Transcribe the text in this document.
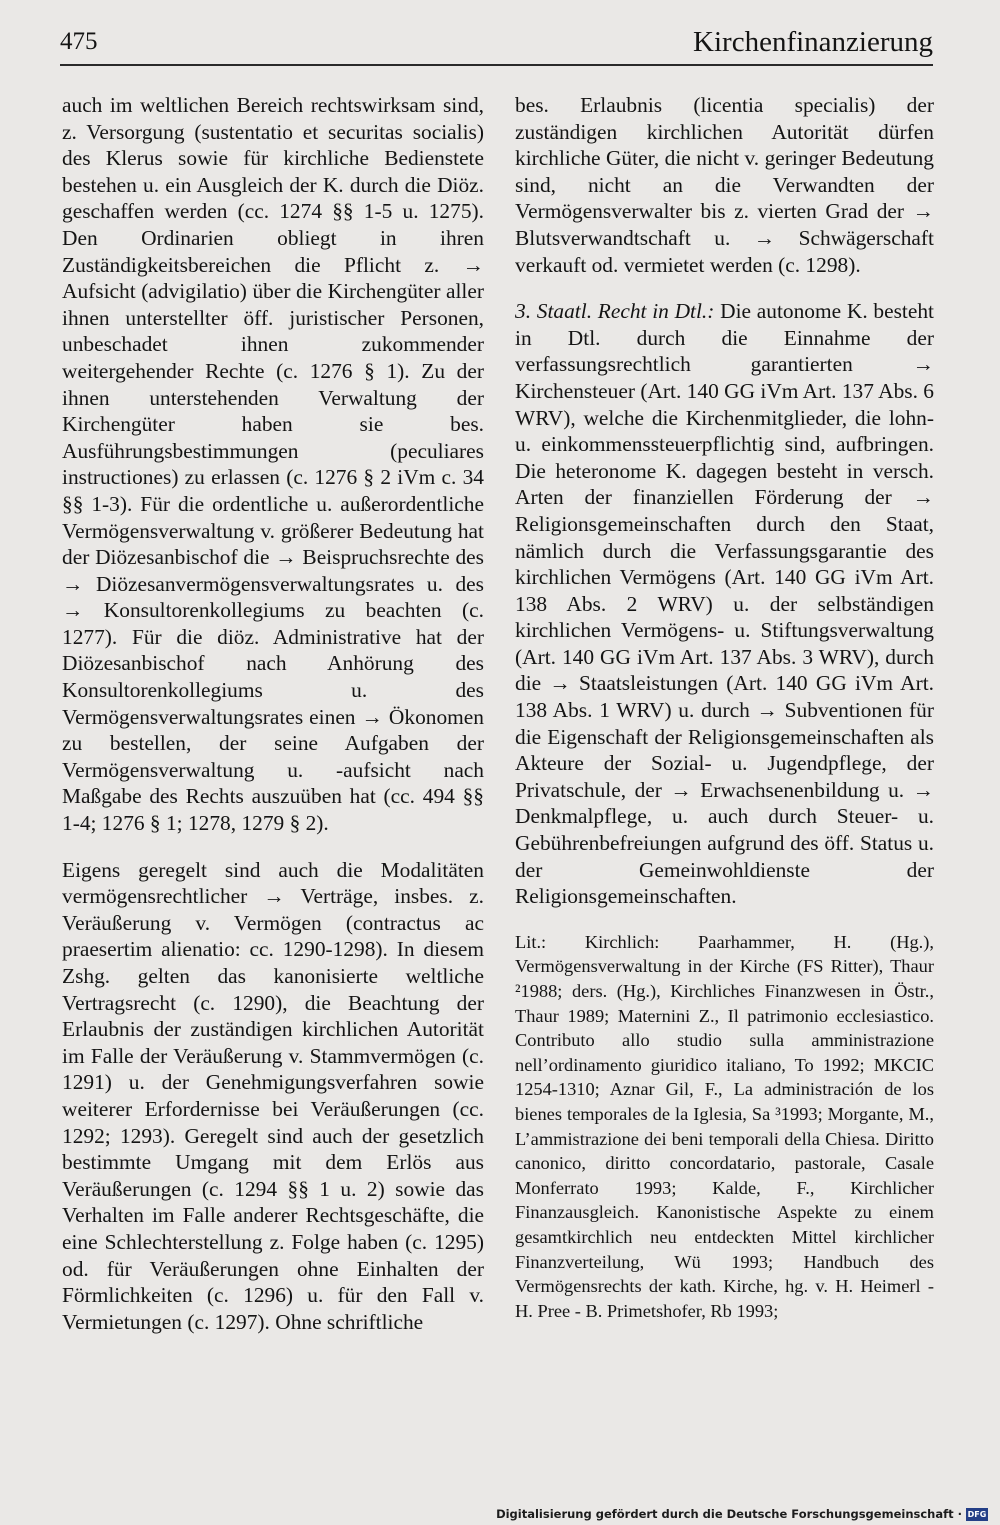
475	Kirchenfinanzierung

auch im weltlichen Bereich rechtswirksam sind, z. Versorgung (sustentatio et securitas socialis) des Klerus sowie für kirchliche Bedienstete bestehen u. ein Ausgleich der K. durch die Diöz. geschaffen werden (cc. 1274 §§ 1-5 u. 1275). Den Ordinarien obliegt in ihren Zuständigkeitsbereichen die Pflicht z. → Aufsicht (advigilatio) über die Kirchengüter aller ihnen unterstellter öff. juristischer Personen, unbeschadet ihnen zukommender weitergehender Rechte (c. 1276 § 1). Zu der ihnen unterstehenden Verwaltung der Kirchengüter haben sie bes. Ausführungsbestimmungen (peculiares instructiones) zu erlassen (c. 1276 § 2 iVm c. 34 §§ 1-3). Für die ordentliche u. außerordentliche Vermögensverwaltung v. größerer Bedeutung hat der Diözesanbischof die → Beispruchsrechte des → Diözesanvermögensverwaltungsrates u. des → Konsultorenkollegiums zu beachten (c. 1277). Für die diöz. Administrative hat der Diözesanbischof nach Anhörung des Konsultorenkollegiums u. des Vermögensverwaltungsrates einen → Ökonomen zu bestellen, der seine Aufgaben der Vermögensverwaltung u. -aufsicht nach Maßgabe des Rechts auszuüben hat (cc. 494 §§ 1-4; 1276 § 1; 1278, 1279 § 2).

Eigens geregelt sind auch die Modalitäten vermögensrechtlicher → Verträge, insbes. z. Veräußerung v. Vermögen (contractus ac praesertim alienatio: cc. 1290-1298). In diesem Zshg. gelten das kanonisierte weltliche Vertragsrecht (c. 1290), die Beachtung der Erlaubnis der zuständigen kirchlichen Autorität im Falle der Veräußerung v. Stammvermögen (c. 1291) u. der Genehmigungsverfahren sowie weiterer Erfordernisse bei Veräußerungen (cc. 1292; 1293). Geregelt sind auch der gesetzlich bestimmte Umgang mit dem Erlös aus Veräußerungen (c. 1294 §§ 1 u. 2) sowie das Verhalten im Falle anderer Rechtsgeschäfte, die eine Schlechterstellung z. Folge haben (c. 1295) od. für Veräußerungen ohne Einhalten der Förmlichkeiten (c. 1296) u. für den Fall v. Vermietungen (c. 1297). Ohne schriftliche

bes. Erlaubnis (licentia specialis) der zuständigen kirchlichen Autorität dürfen kirchliche Güter, die nicht v. geringer Bedeutung sind, nicht an die Verwandten der Vermögensverwalter bis z. vierten Grad der → Blutsverwandtschaft u. → Schwägerschaft verkauft od. vermietet werden (c. 1298).

3. Staatl. Recht in Dtl.: Die autonome K. besteht in Dtl. durch die Einnahme der verfassungsrechtlich garantierten → Kirchensteuer (Art. 140 GG iVm Art. 137 Abs. 6 WRV), welche die Kirchenmitglieder, die lohn- u. einkommenssteuerpflichtig sind, aufbringen. Die heteronome K. dagegen besteht in versch. Arten der finanziellen Förderung der → Religionsgemeinschaften durch den Staat, nämlich durch die Verfassungsgarantie des kirchlichen Vermögens (Art. 140 GG iVm Art. 138 Abs. 2 WRV) u. der selbständigen kirchlichen Vermögens- u. Stiftungsverwaltung (Art. 140 GG iVm Art. 137 Abs. 3 WRV), durch die → Staatsleistungen (Art. 140 GG iVm Art. 138 Abs. 1 WRV) u. durch → Subventionen für die Eigenschaft der Religionsgemeinschaften als Akteure der Sozial- u. Jugendpflege, der Privatschule, der → Erwachsenenbildung u. → Denkmalpflege, u. auch durch Steuer- u. Gebührenbefreiungen aufgrund des öff. Status u. der Gemeinwohldienste der Religionsgemeinschaften.

Lit.: Kirchlich: Paarhammer, H. (Hg.), Vermögensverwaltung in der Kirche (FS Ritter), Thaur ²1988; ders. (Hg.), Kirchliches Finanzwesen in Östr., Thaur 1989; Maternini Z., Il patrimonio ecclesiastico. Contributo allo studio sulla amministrazione nell’ordinamento giuridico italiano, To 1992; MKCIC 1254-1310; Aznar Gil, F., La administración de los bienes temporales de la Iglesia, Sa ³1993; Morgante, M., L’ammistrazione dei beni temporali della Chiesa. Diritto canonico, diritto concordatario, pastorale, Casale Monferrato 1993; Kalde, F., Kirchlicher Finanzausgleich. Kanonistische Aspekte zu einem gesamtkirchlich neu entdeckten Mittel kirchlicher Finanzverteilung, Wü 1993; Handbuch des Vermögensrechts der kath. Kirche, hg. v. H. Heimerl - H. Pree - B. Primetshofer, Rb 1993;

Digitalisierung gefördert durch die Deutsche Forschungsgemeinschaft · DFG
